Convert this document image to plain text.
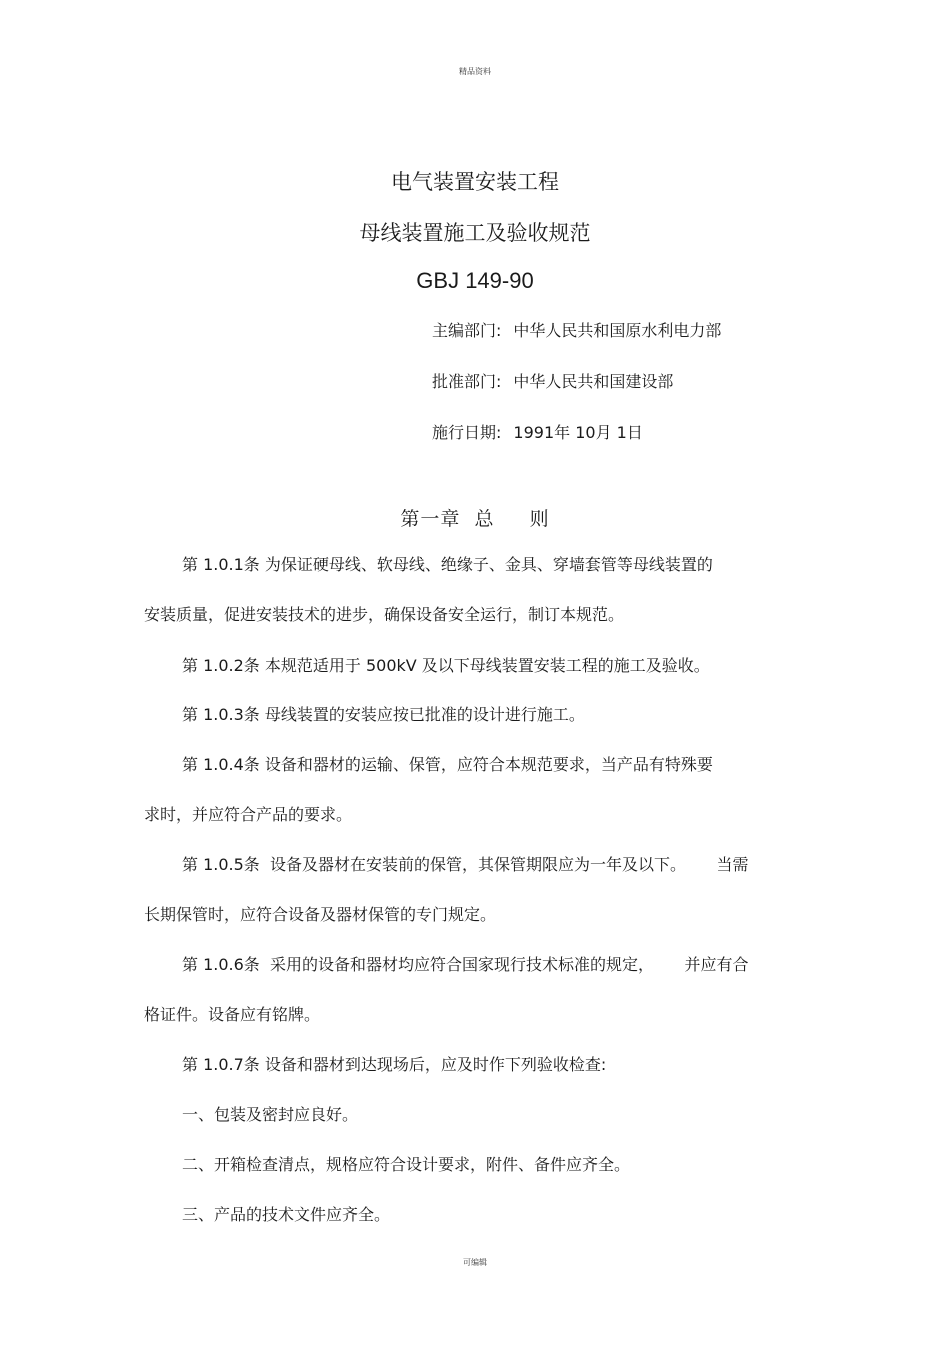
精品资料
电气装置安装工程
母线装置施工及验收规范
GBJ 149-90
主编部门: 中华人民共和国原水利电力部
批准部门: 中华人民共和国建设部
施行日期: 1991年 10月 1日
第一章  总     则
第 1.0.1条 为保证硬母线、软母线、绝缘子、金具、穿墙套管等母线装置的
安装质量，促进安装技术的进步，确保设备安全运行，制订本规范。
第 1.0.2条 本规范适用于 500kV 及以下母线装置安装工程的施工及验收。
第 1.0.3条 母线装置的安装应按已批准的设计进行施工。
第 1.0.4条 设备和器材的运输、保管，应符合本规范要求，当产品有特殊要
求时，并应符合产品的要求。
第 1.0.5条  设备及器材在安装前的保管，其保管期限应为一年及以下。      当需
长期保管时，应符合设备及器材保管的专门规定。
第 1.0.6条  采用的设备和器材均应符合国家现行技术标准的规定，      并应有合
格证件。设备应有铭牌。
第 1.0.7条 设备和器材到达现场后，应及时作下列验收检查:
一、包装及密封应良好。
二、开箱检查清点，规格应符合设计要求，附件、备件应齐全。
三、产品的技术文件应齐全。
可编辑
